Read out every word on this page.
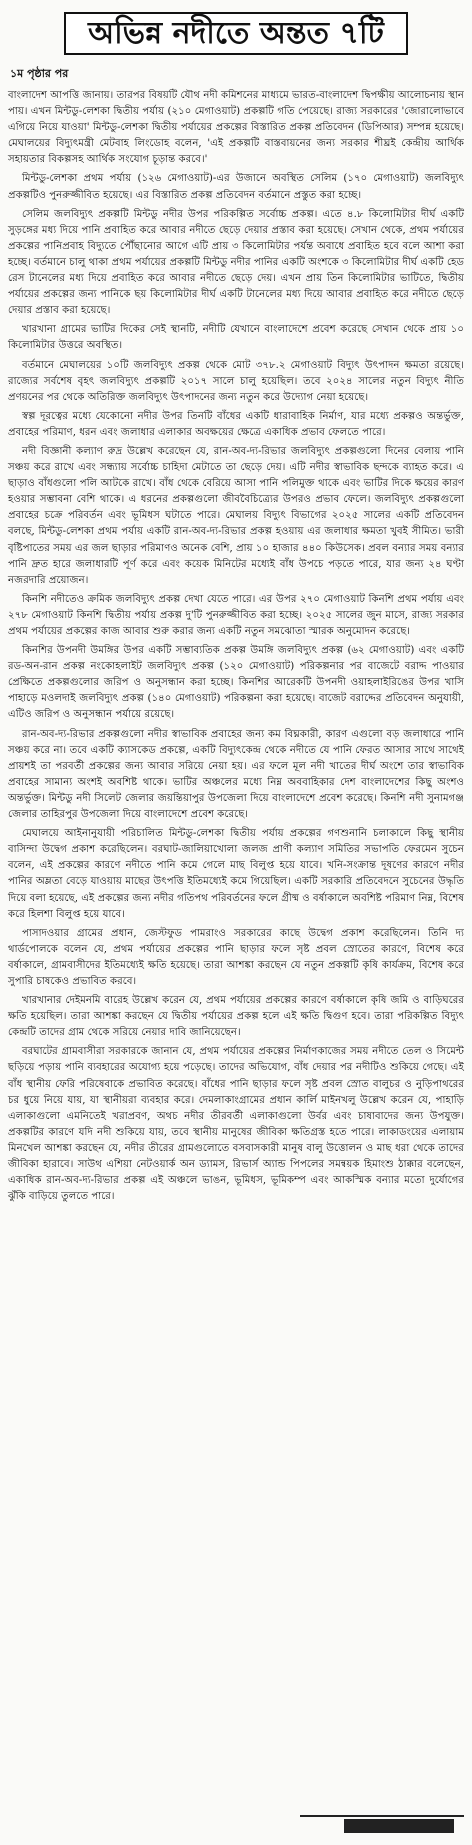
অভিন্ন নদীতে অন্তত ৭টি
১ম পৃষ্ঠার পর

বাংলাদেশ আপত্তি জানায়। তারপর বিষয়টি যৌথ নদী কমিশনের মাধ্যমে ভারত-বাংলাদেশ দ্বিপক্ষীয় আলোচনায় স্থান পায়। এখন মিন্টডু-লেশকা দ্বিতীয় পর্যায় (২১০ মেগাওয়াট) প্রকল্পটি গতি পেয়েছে। রাজ্য সরকারের 'জোরালোভাবে এগিয়ে নিয়ে যাওয়া' মিন্টডু-লেশকা দ্বিতীয় পর্যায়ের প্রকল্পের বিস্তারিত প্রকল্প প্রতিবেদন (ডিপিআর) সম্পন্ন হয়েছে। মেঘালয়ের বিদ্যুৎমন্ত্রী মেটবাহ লিংডোহ বলেন, 'এই প্রকল্পটি বাস্তবায়নের জন্য সরকার শীঘ্রই কেন্দ্রীয় আর্থিক সহায়তার বিকল্পসহ আর্থিক সংযোগ চূড়ান্ত করবে।'

মিন্টডু-লেশকা প্রথম পর্যায় (১২৬ মেগাওয়াট)-এর উজানে অবস্থিত সেলিম (১৭০ মেগাওয়াট) জলবিদ্যুৎ প্রকল্পটিও পুনরুজ্জীবিত হয়েছে। এর বিস্তারিত প্রকল্প প্রতিবেদন বর্তমানে প্রস্তুত করা হচ্ছে।

সেলিম জলবিদ্যুৎ প্রকল্পটি মিন্টডু নদীর উপর পরিকল্পিত সর্বোচ্চ প্রকল্প। এতে ৪.৮ কিলোমিটার দীর্ঘ একটি সুড়ঙ্গের মধ্য দিয়ে পানি প্রবাহিত করে আবার নদীতে ছেড়ে দেয়ার প্রস্তাব করা হয়েছে। সেখান থেকে, প্রথম পর্যায়ের প্রকল্পের পানিপ্রবাহ বিদ্যুতে পৌঁছানোর আগে এটি প্রায় ৩ কিলোমিটার পর্যন্ত অবাধে প্রবাহিত হবে বলে আশা করা হচ্ছে। বর্তমানে চালু থাকা প্রথম পর্যায়ের প্রকল্পটি মিন্টডু নদীর পানির একটি অংশকে ৩ কিলোমিটার দীর্ঘ একটি হেড রেস টানেলের মধ্য দিয়ে প্রবাহিত করে আবার নদীতে ছেড়ে দেয়। এখন প্রায় তিন কিলোমিটার ভাটিতে, দ্বিতীয় পর্যায়ের প্রকল্পের জন্য পানিকে ছয় কিলোমিটার দীর্ঘ একটি টানেলের মধ্য দিয়ে আবার প্রবাহিত করে নদীতে ছেড়ে দেয়ার প্রস্তাব করা হয়েছে।

খারখানা গ্রামের ভাটির দিকের সেই স্থানটি, নদীটি যেখানে বাংলাদেশে প্রবেশ করেছে সেখান থেকে প্রায় ১০ কিলোমিটার উত্তরে অবস্থিত।

বর্তমানে মেঘালয়ের ১০টি জলবিদ্যুৎ প্রকল্প থেকে মোট ৩৭৮.২ মেগাওয়াট বিদ্যুৎ উৎপাদন ক্ষমতা রয়েছে। রাজ্যের সর্বশেষ বৃহৎ জলবিদ্যুৎ প্রকল্পটি ২০১৭ সালে চালু হয়েছিল। তবে ২০২৪ সালের নতুন বিদ্যুৎ নীতি প্রণয়নের পর থেকে অতিরিক্ত জলবিদ্যুৎ উৎপাদনের জন্য নতুন করে উদ্যোগ নেয়া হয়েছে।

স্বল্প দূরত্বের মধ্যে যেকোনো নদীর উপর তিনটি বাঁধের একটি ধারাবাহিক নির্মাণ, যার মধ্যে প্রকল্পও অন্তর্ভুক্ত, প্রবাহের পরিমাণ, ধরন এবং জলাধার এলাকার অবক্ষয়ের ক্ষেত্রে একাধিক প্রভাব ফেলতে পারে।

নদী বিজ্ঞানী কল্যাণ রুদ্র উল্লেখ করেছেন যে, রান-অব-দ্য-রিভার জলবিদ্যুৎ প্রকল্পগুলো দিনের বেলায় পানি সঞ্চয় করে রাখে এবং সন্ধ্যায় সর্বোচ্চ চাহিদা মেটাতে তা ছেড়ে দেয়। এটি নদীর স্বাভাবিক ছন্দকে ব্যাহত করে। এ ছাড়াও বাঁধগুলো পলি আটকে রাখে। বাঁধ থেকে বেরিয়ে আসা পানি পলিমুক্ত থাকে এবং ভাটির দিকে ক্ষয়ের কারণ হওয়ার সম্ভাবনা বেশি থাকে। এ ধরনের প্রকল্পগুলো জীববৈচিত্র্যের উপরও প্রভাব ফেলে। জলবিদ্যুৎ প্রকল্পগুলো প্রবাহের চক্রে পরিবর্তন এবং ভূমিধস ঘটাতে পারে। মেঘালয় বিদ্যুৎ বিভাগের ২০২৫ সালের একটি প্রতিবেদন বলছে, মিন্টডু-লেশকা প্রথম পর্যায় একটি রান-অব-দ্য-রিভার প্রকল্প হওয়ায় এর জলাধার ক্ষমতা খুবই সীমিত। ভারী বৃষ্টিপাতের সময় এর জল ছাড়ার পরিমাণও অনেক বেশি, প্রায় ১০ হাজার ৪৪০ কিউসেক। প্রবল বন্যার সময় বন্যার পানি দ্রুত হারে জলাধারটি পূর্ণ করে এবং কয়েক মিনিটের মধ্যেই বাঁধ উপচে পড়তে পারে, যার জন্য ২৪ ঘণ্টা নজরদারি প্রয়োজন।

কিনশি নদীতেও ক্রমিক জলবিদ্যুৎ প্রকল্প দেখা যেতে পারে। এর উপর ২৭০ মেগাওয়াট কিনশি প্রথম পর্যায় এবং ২৭৮ মেগাওয়াট কিনশি দ্বিতীয় পর্যায় প্রকল্প দু'টি পুনরুজ্জীবিত করা হচ্ছে। ২০২৫ সালের জুন মাসে, রাজ্য সরকার প্রথম পর্যায়ের প্রকল্পের কাজ আবার শুরু করার জন্য একটি নতুন সমঝোতা স্মারক অনুমোদন করেছে।

কিনশির উপনদী উমঙ্গির উপর একটি সম্ভাব্যতিক প্রকল্প উমঙ্গি জলবিদ্যুৎ প্রকল্প (৬২ মেগাওয়াট) এবং একটি রড-অন-রান প্রকল্প নংকোহলাইট জলবিদ্যুৎ প্রকল্প (১২০ মেগাওয়াট) পরিকল্পনার পর বাজেটে বরাদ্দ পাওয়ার প্রেক্ষিতে প্রকল্পগুলোর জরিপ ও অনুসন্ধান করা হচ্ছে। কিনশির আরেকটি উপনদী ওয়াহলাইরিঙের উপর খাসি পাহাড়ে মওলদাই জলবিদ্যুৎ প্রকল্প (১৪০ মেগাওয়াট) পরিকল্পনা করা হয়েছে। বাজেট বরাদ্দের প্রতিবেদন অনুযায়ী, এটিও জরিপ ও অনুসন্ধান পর্যায়ে রয়েছে।

রান-অব-দ্য-রিভার প্রকল্পগুলো নদীর স্বাভাবিক প্রবাহের জন্য কম বিঘ্নকারী, কারণ এগুলো বড় জলাধারে পানি সঞ্চয় করে না। তবে একটি ক্যাসকেড প্রকল্পে, একটি বিদ্যুৎকেন্দ্র থেকে নদীতে যে পানি ফেরত আসার সাথে সাথেই প্রায়শই তা পরবর্তী প্রকল্পের জন্য আবার সরিয়ে নেয়া হয়। এর ফলে মূল নদী খাতের দীর্ঘ অংশে তার স্বাভাবিক প্রবাহের সামান্য অংশই অবশিষ্ট থাকে। ভাটির অঞ্চলের মধ্যে নিম্ন অববাহিকার দেশ বাংলাদেশের কিছু অংশও অন্তর্ভুক্ত। মিন্টডু নদী সিলেট জেলার জয়ন্তিয়াপুর উপজেলা দিয়ে বাংলাদেশে প্রবেশ করেছে। কিনশি নদী সুনামগঞ্জ জেলার তাহিরপুর উপজেলা দিয়ে বাংলাদেশে প্রবেশ করেছে।

মেঘালয়ে আইনানুযায়ী পরিচালিত মিন্টডু-লেশকা দ্বিতীয় পর্যায় প্রকল্পের গণশুনানি চলাকালে কিছু স্থানীয় বাসিন্দা উদ্বেগ প্রকাশ করেছিলেন। বরঘাট-জালিয়াখোলা জলজ প্রাণী কল্যাণ সমিতির সভাপতি ফেরমেন সুচেন বলেন, এই প্রকল্পের কারণে নদীতে পানি কমে গেলে মাছ বিলুপ্ত হয়ে যাবে। খনি-সংক্রান্ত দূষণের কারণে নদীর পানির অম্লতা বেড়ে যাওয়ায় মাছের উৎপত্তি ইতিমধ্যেই কমে গিয়েছিল। একটি সরকারি প্রতিবেদনে সুচেনের উদ্ধৃতি দিয়ে বলা হয়েছে, এই প্রকল্পের জন্য নদীর গতিপথ পরিবর্তনের ফলে গ্রীষ্ম ও বর্ষাকালে অবশিষ্ট পরিমাণ নিম্ন, বিশেষ করে হিলশা বিলুপ্ত হয়ে যাবে।

পাসাদওয়ার গ্রামের প্রধান, জেস্টফুড পামরাংও সরকারের কাছে উদ্বেগ প্রকাশ করেছিলেন। তিনি দ্য থার্ডপোলকে বলেন যে, প্রথম পর্যায়ের প্রকল্পের পানি ছাড়ার ফলে সৃষ্ট প্রবল স্রোতের কারণে, বিশেষ করে বর্ষাকালে, গ্রামবাসীদের ইতিমধ্যেই ক্ষতি হয়েছে। তারা আশঙ্কা করছেন যে নতুন প্রকল্পটি কৃষি কার্যক্রম, বিশেষ করে সুপারি চাষকেও প্রভাবিত করবে।

খারখানার দেইমনমি বারেহ উল্লেখ করেন যে, প্রথম পর্যায়ের প্রকল্পের কারণে বর্ষাকালে কৃষি জমি ও বাড়িঘরের ক্ষতি হয়েছিল। তারা আশঙ্কা করছেন যে দ্বিতীয় পর্যায়ের প্রকল্প হলে এই ক্ষতি দ্বিগুণ হবে। তারা পরিকল্পিত বিদ্যুৎ কেন্দ্রটি তাদের গ্রাম থেকে সরিয়ে নেয়ার দাবি জানিয়েছেন।

বরঘাটের গ্রামবাসীরা সরকারকে জানান যে, প্রথম পর্যায়ের প্রকল্পের নির্মাণকাজের সময় নদীতে তেল ও সিমেন্ট ছড়িয়ে পড়ায় পানি ব্যবহারের অযোগ্য হয়ে পড়েছে। তাদের অভিযোগ, বাঁধ দেয়ার পর নদীটিও শুকিয়ে গেছে। এই বাঁধ স্থানীয় ফেরি পরিষেবাকে প্রভাবিত করেছে। বাঁধের পানি ছাড়ার ফলে সৃষ্ট প্রবল স্রোত বালুচর ও নুড়িপাথরের চর ধুয়ে নিয়ে যায়, যা স্থানীয়রা ব্যবহার করে। দেমলাকাংগ্রামের প্রধান কার্লি মাইনখলু উল্লেখ করেন যে, পাহাড়ি এলাকাগুলো এমনিতেই খরাপ্রবণ, অথচ নদীর তীরবর্তী এলাকাগুলো উর্বর এবং চাষাবাদের জন্য উপযুক্ত। প্রকল্পটির কারণে যদি নদী শুকিয়ে যায়, তবে স্থানীয় মানুষের জীবিকা ক্ষতিগ্রস্ত হতে পারে। লাকাডংয়ের এলায়াম মিনখেল আশঙ্কা করছেন যে, নদীর তীরের গ্রামগুলোতে বসবাসকারী মানুষ বালু উত্তোলন ও মাছ ধরা থেকে তাদের জীবিকা হারাবে। সাউথ এশিয়া নেটওয়ার্ক অন ড্যামস, রিভার্স অ্যান্ড পিপলের সমন্বয়ক হিমাংশু ঠাক্কার বলেছেন, একাধিক রান-অব-দ্য-রিভার প্রকল্প এই অঞ্চলে ভাঙন, ভূমিধস, ভূমিকম্প এবং আকস্মিক বন্যার মতো দুর্যোগের ঝুঁকি বাড়িয়ে তুলতে পারে।
